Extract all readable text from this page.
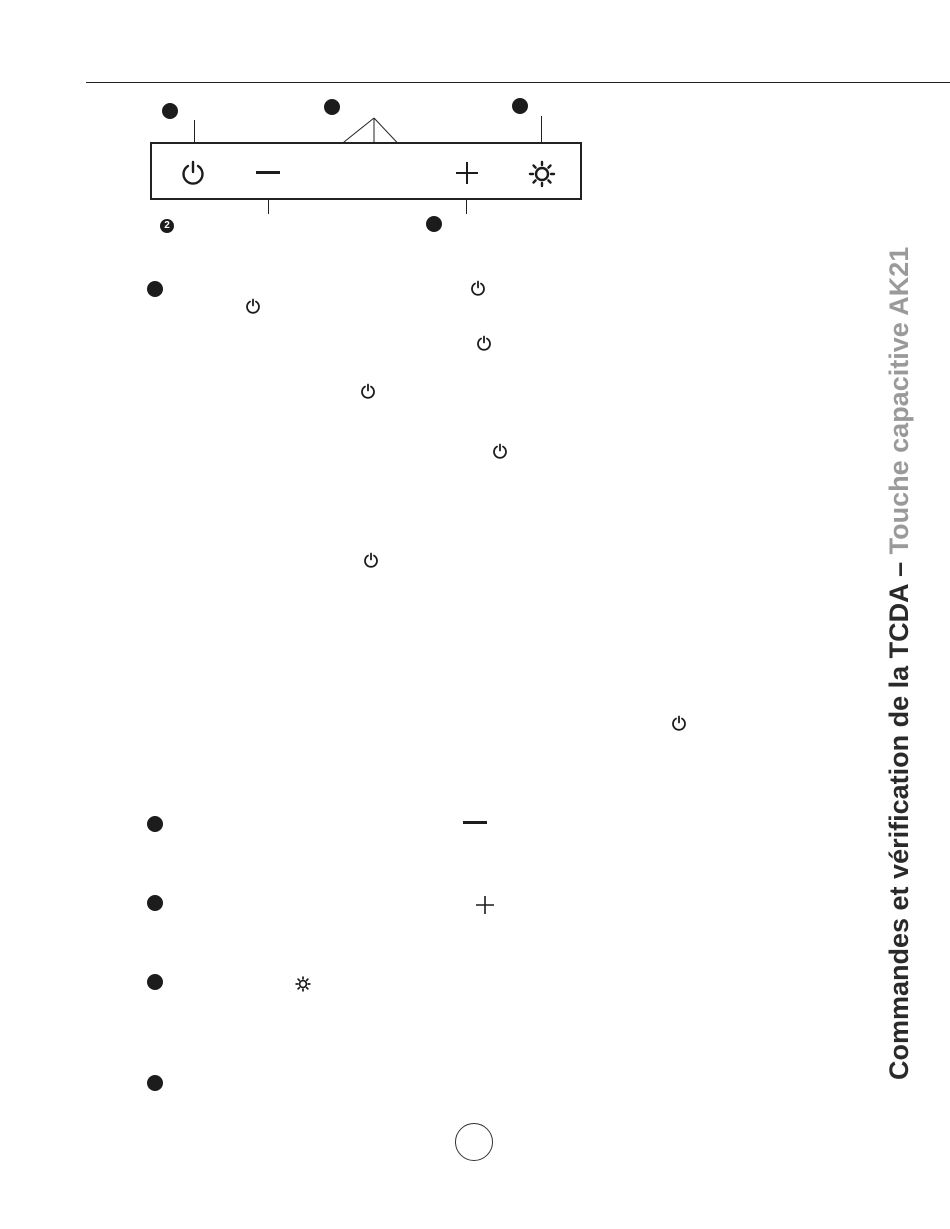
2
Commandes et vérification de la TCDA – Touche capacitive AK21
